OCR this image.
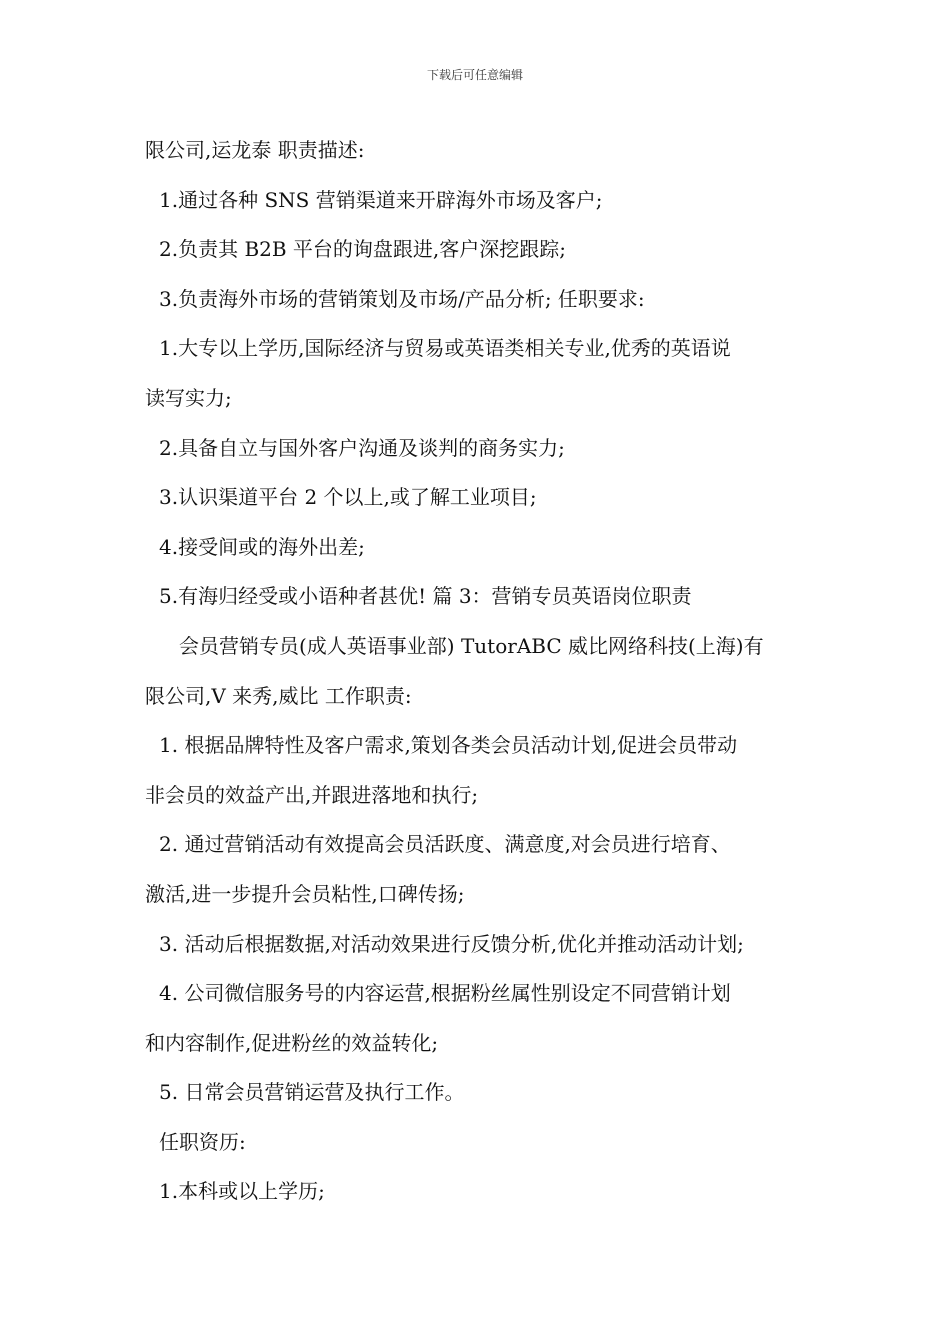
下载后可任意编辑
限公司,运龙泰 职责描述:
1.通过各种 SNS 营销渠道来开辟海外市场及客户;
2.负责其 B2B 平台的询盘跟进,客户深挖跟踪;
3.负责海外市场的营销策划及市场/产品分析; 任职要求:
1.大专以上学历,国际经济与贸易或英语类相关专业,优秀的英语说
读写实力;
2.具备自立与国外客户沟通及谈判的商务实力;
3.认识渠道平台 2 个以上,或了解工业项目;
4.接受间或的海外出差;
5.有海归经受或小语种者甚优! 篇 3：营销专员英语岗位职责
会员营销专员(成人英语事业部) TutorABC 威比网络科技(上海)有
限公司,V 来秀,威比 工作职责:
1. 根据品牌特性及客户需求,策划各类会员活动计划,促进会员带动
非会员的效益产出,并跟进落地和执行;
2. 通过营销活动有效提高会员活跃度、满意度,对会员进行培育、
激活,进一步提升会员粘性,口碑传扬;
3. 活动后根据数据,对活动效果进行反馈分析,优化并推动活动计划;
4. 公司微信服务号的内容运营,根据粉丝属性别设定不同营销计划
和内容制作,促进粉丝的效益转化;
5. 日常会员营销运营及执行工作。
任职资历:
1.本科或以上学历;
